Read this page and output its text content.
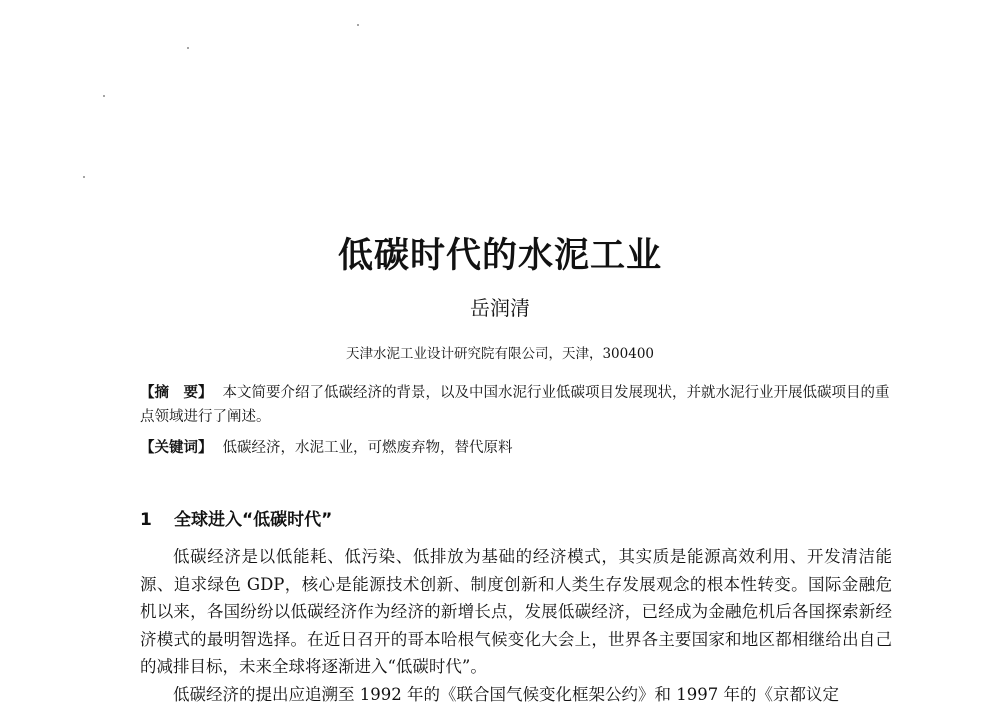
低碳时代的水泥工业

岳润清

天津水泥工业设计研究院有限公司，天津，300400

【摘　要】 本文简要介绍了低碳经济的背景，以及中国水泥行业低碳项目发展现状，并就水泥行业开展低碳项目的重点领域进行了阐述。

【关键词】 低碳经济，水泥工业，可燃废弃物，替代原料

1 全球进入“低碳时代”

低碳经济是以低能耗、低污染、低排放为基础的经济模式，其实质是能源高效利用、开发清洁能源、追求绿色 GDP，核心是能源技术创新、制度创新和人类生存发展观念的根本性转变。国际金融危机以来，各国纷纷以低碳经济作为经济的新增长点，发展低碳经济，已经成为金融危机后各国探索新经济模式的最明智选择。在近日召开的哥本哈根气候变化大会上，世界各主要国家和地区都相继给出自己的减排目标，未来全球将逐渐进入“低碳时代”。

低碳经济的提出应追溯至 1992 年的《联合国气候变化框架公约》和 1997 年的《京都议定
